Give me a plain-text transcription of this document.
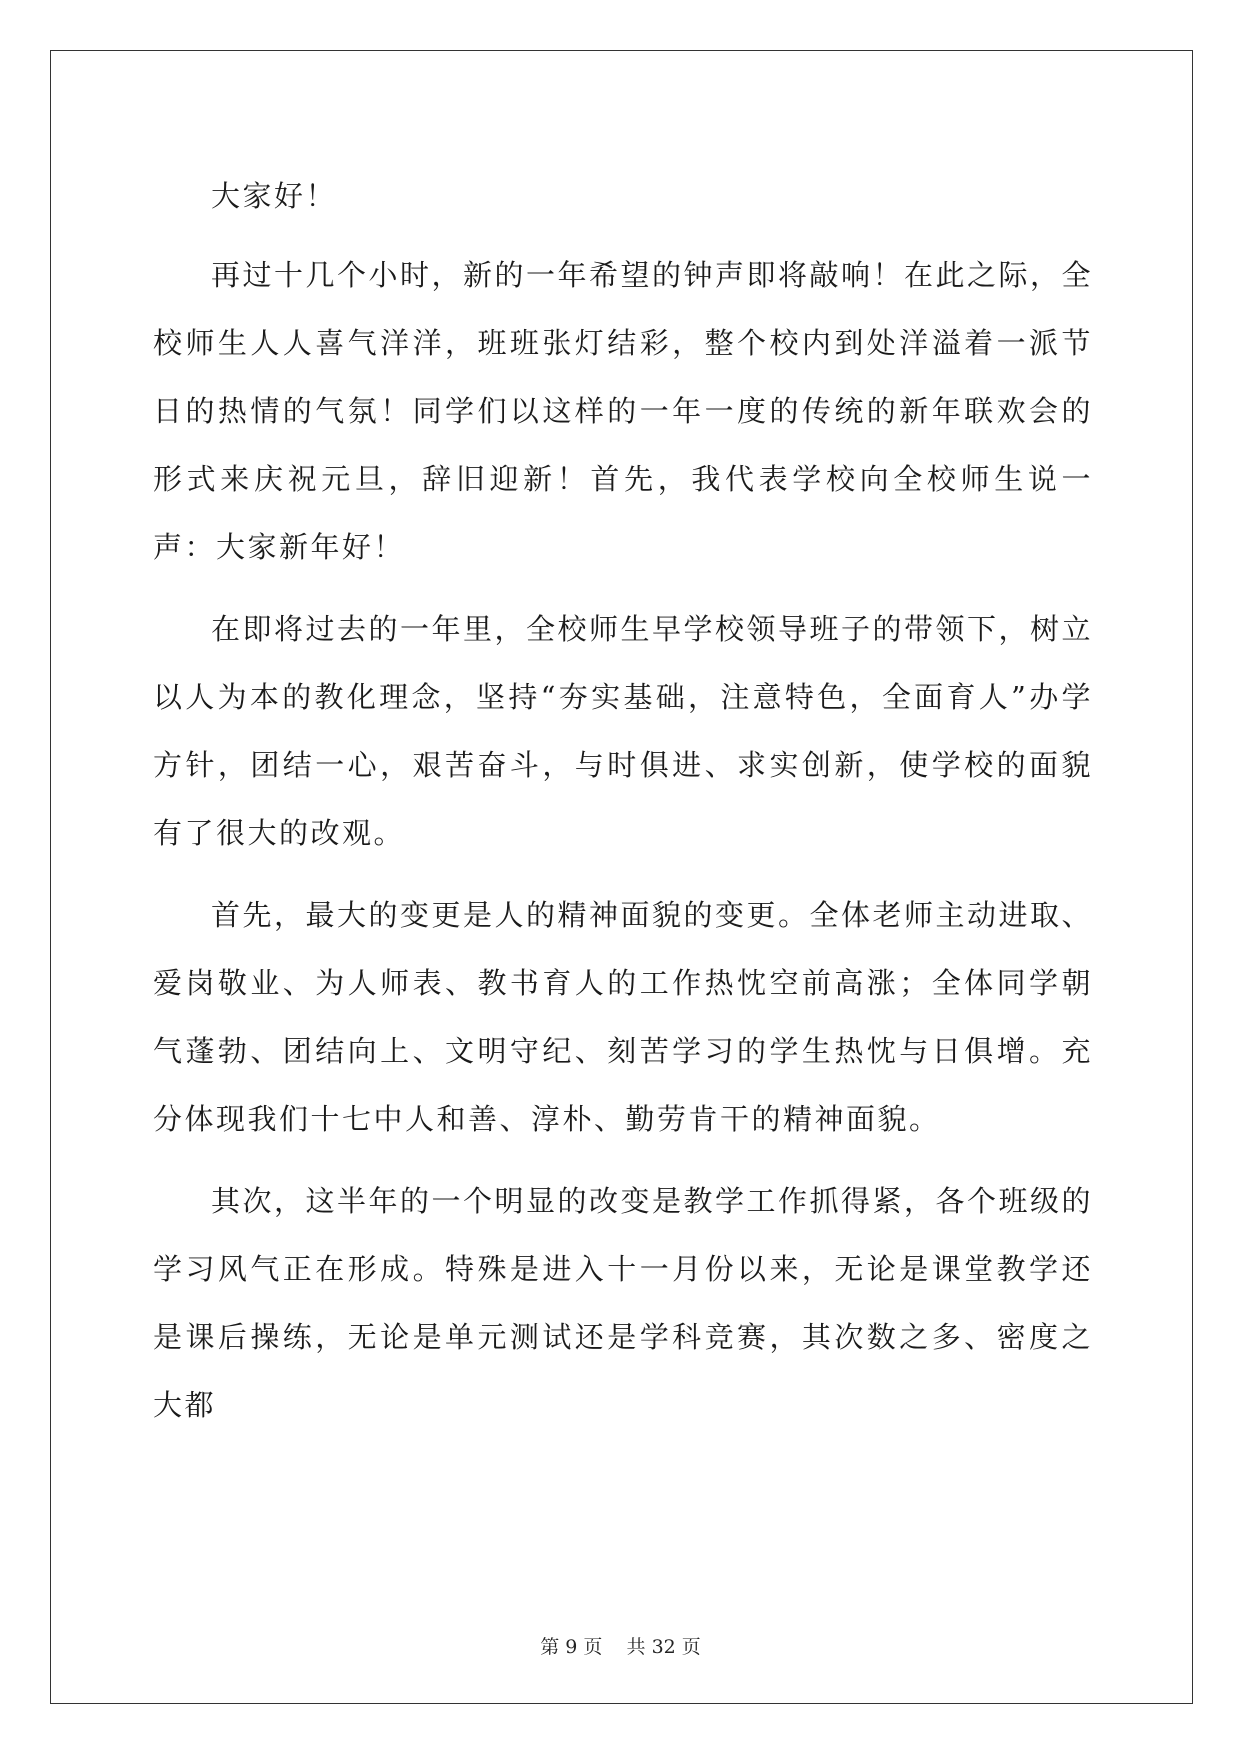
大家好！

再过十几个小时，新的一年希望的钟声即将敲响！在此之际，全校师生人人喜气洋洋，班班张灯结彩，整个校内到处洋溢着一派节日的热情的气氛！同学们以这样的一年一度的传统的新年联欢会的形式来庆祝元旦，辞旧迎新！首先，我代表学校向全校师生说一声：大家新年好！

在即将过去的一年里，全校师生早学校领导班子的带领下，树立以人为本的教化理念，坚持“夯实基础，注意特色，全面育人”办学方针，团结一心，艰苦奋斗，与时俱进、求实创新，使学校的面貌有了很大的改观。

首先，最大的变更是人的精神面貌的变更。全体老师主动进取、爱岗敬业、为人师表、教书育人的工作热忱空前高涨；全体同学朝气蓬勃、团结向上、文明守纪、刻苦学习的学生热忱与日俱增。充分体现我们十七中人和善、淳朴、勤劳肯干的精神面貌。

其次，这半年的一个明显的改变是教学工作抓得紧，各个班级的学习风气正在形成。特殊是进入十一月份以来，无论是课堂教学还是课后操练，无论是单元测试还是学科竞赛，其次数之多、密度之大都

第 9 页    共 32 页
